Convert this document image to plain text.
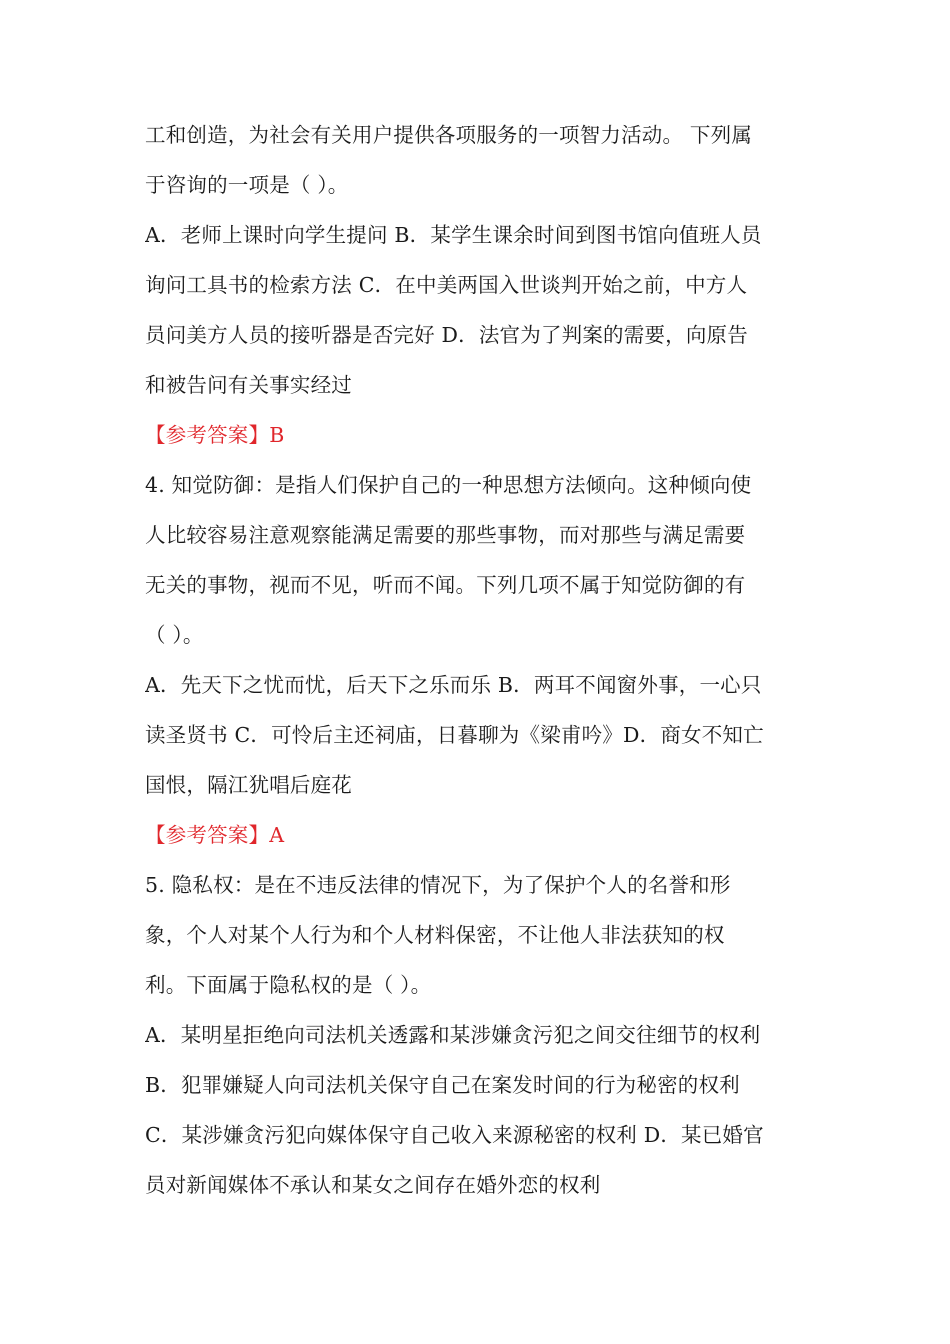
工和创造，为社会有关用户提供各项服务的一项智力活动。 下列属
于咨询的一项是（ ）。
A．老师上课时向学生提问 B．某学生课余时间到图书馆向值班人员
询问工具书的检索方法 C．在中美两国入世谈判开始之前，中方人
员问美方人员的接听器是否完好 D．法官为了判案的需要，向原告
和被告问有关事实经过
【参考答案】B
4. 知觉防御：是指人们保护自己的一种思想方法倾向。这种倾向使
人比较容易注意观察能满足需要的那些事物，而对那些与满足需要
无关的事物，视而不见，听而不闻。下列几项不属于知觉防御的有
（ ）。
A．先天下之忧而忧，后天下之乐而乐 B．两耳不闻窗外事，一心只
读圣贤书 C．可怜后主还祠庙，日暮聊为《梁甫吟》D．商女不知亡
国恨，隔江犹唱后庭花
【参考答案】A
5. 隐私权：是在不违反法律的情况下，为了保护个人的名誉和形
象，个人对某个人行为和个人材料保密，不让他人非法获知的权
利。下面属于隐私权的是（ ）。
A．某明星拒绝向司法机关透露和某涉嫌贪污犯之间交往细节的权利
B．犯罪嫌疑人向司法机关保守自己在案发时间的行为秘密的权利
C．某涉嫌贪污犯向媒体保守自己收入来源秘密的权利 D．某已婚官
员对新闻媒体不承认和某女之间存在婚外恋的权利
